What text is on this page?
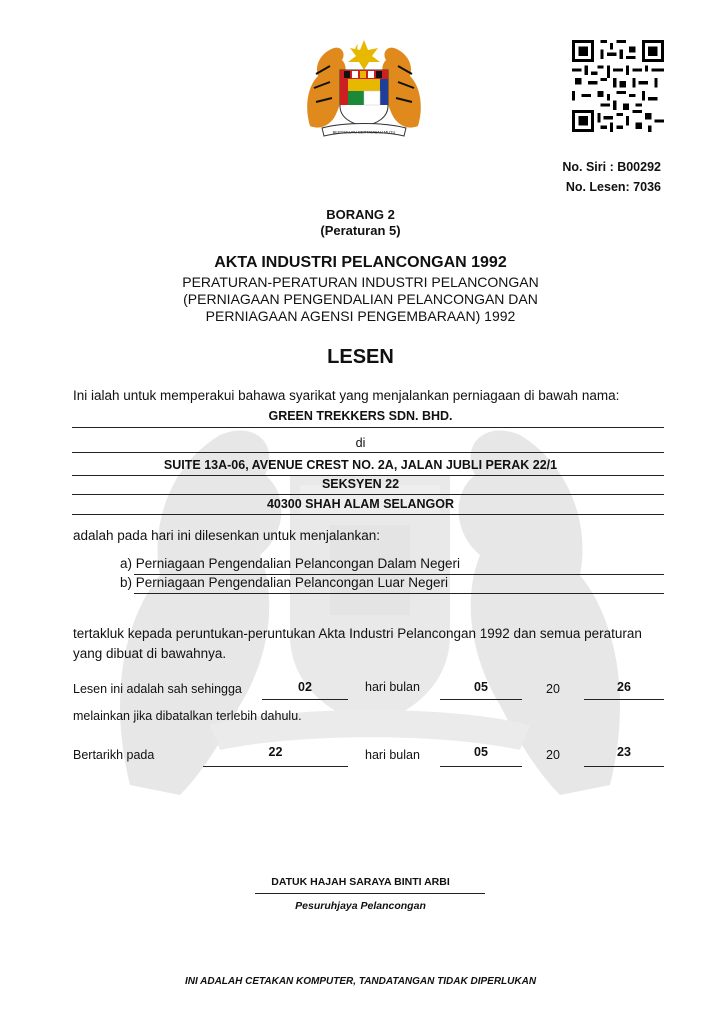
BERSEKUTU BERTAMBAH MUTU
No. Siri : B00292
No. Lesen: 7036
BORANG 2
(Peraturan 5)
AKTA INDUSTRI PELANCONGAN 1992
PERATURAN-PERATURAN INDUSTRI PELANCONGAN
(PERNIAGAAN PENGENDALIAN PELANCONGAN DAN
PERNIAGAAN AGENSI PENGEMBARAAN) 1992
LESEN
Ini ialah untuk memperakui bahawa syarikat yang menjalankan perniagaan di bawah nama:
GREEN TREKKERS SDN. BHD.
di
SUITE 13A-06, AVENUE CREST NO. 2A, JALAN JUBLI PERAK 22/1
SEKSYEN 22
40300 SHAH ALAM SELANGOR
adalah pada hari ini dilesenkan untuk menjalankan:
a) Perniagaan Pengendalian Pelancongan Dalam Negeri
b) Perniagaan Pengendalian Pelancongan Luar Negeri
tertakluk kepada peruntukan-peruntukan Akta Industri Pelancongan 1992 dan semua peraturan
yang dibuat di bawahnya.
Lesen ini adalah sah sehingga	02	hari bulan	05	20	26
melainkan jika dibatalkan terlebih dahulu.
Bertarikh pada	22	hari bulan	05	20	23
DATUK HAJAH SARAYA BINTI ARBI
Pesuruhjaya Pelancongan
INI ADALAH CETAKAN KOMPUTER, TANDATANGAN TIDAK DIPERLUKAN
